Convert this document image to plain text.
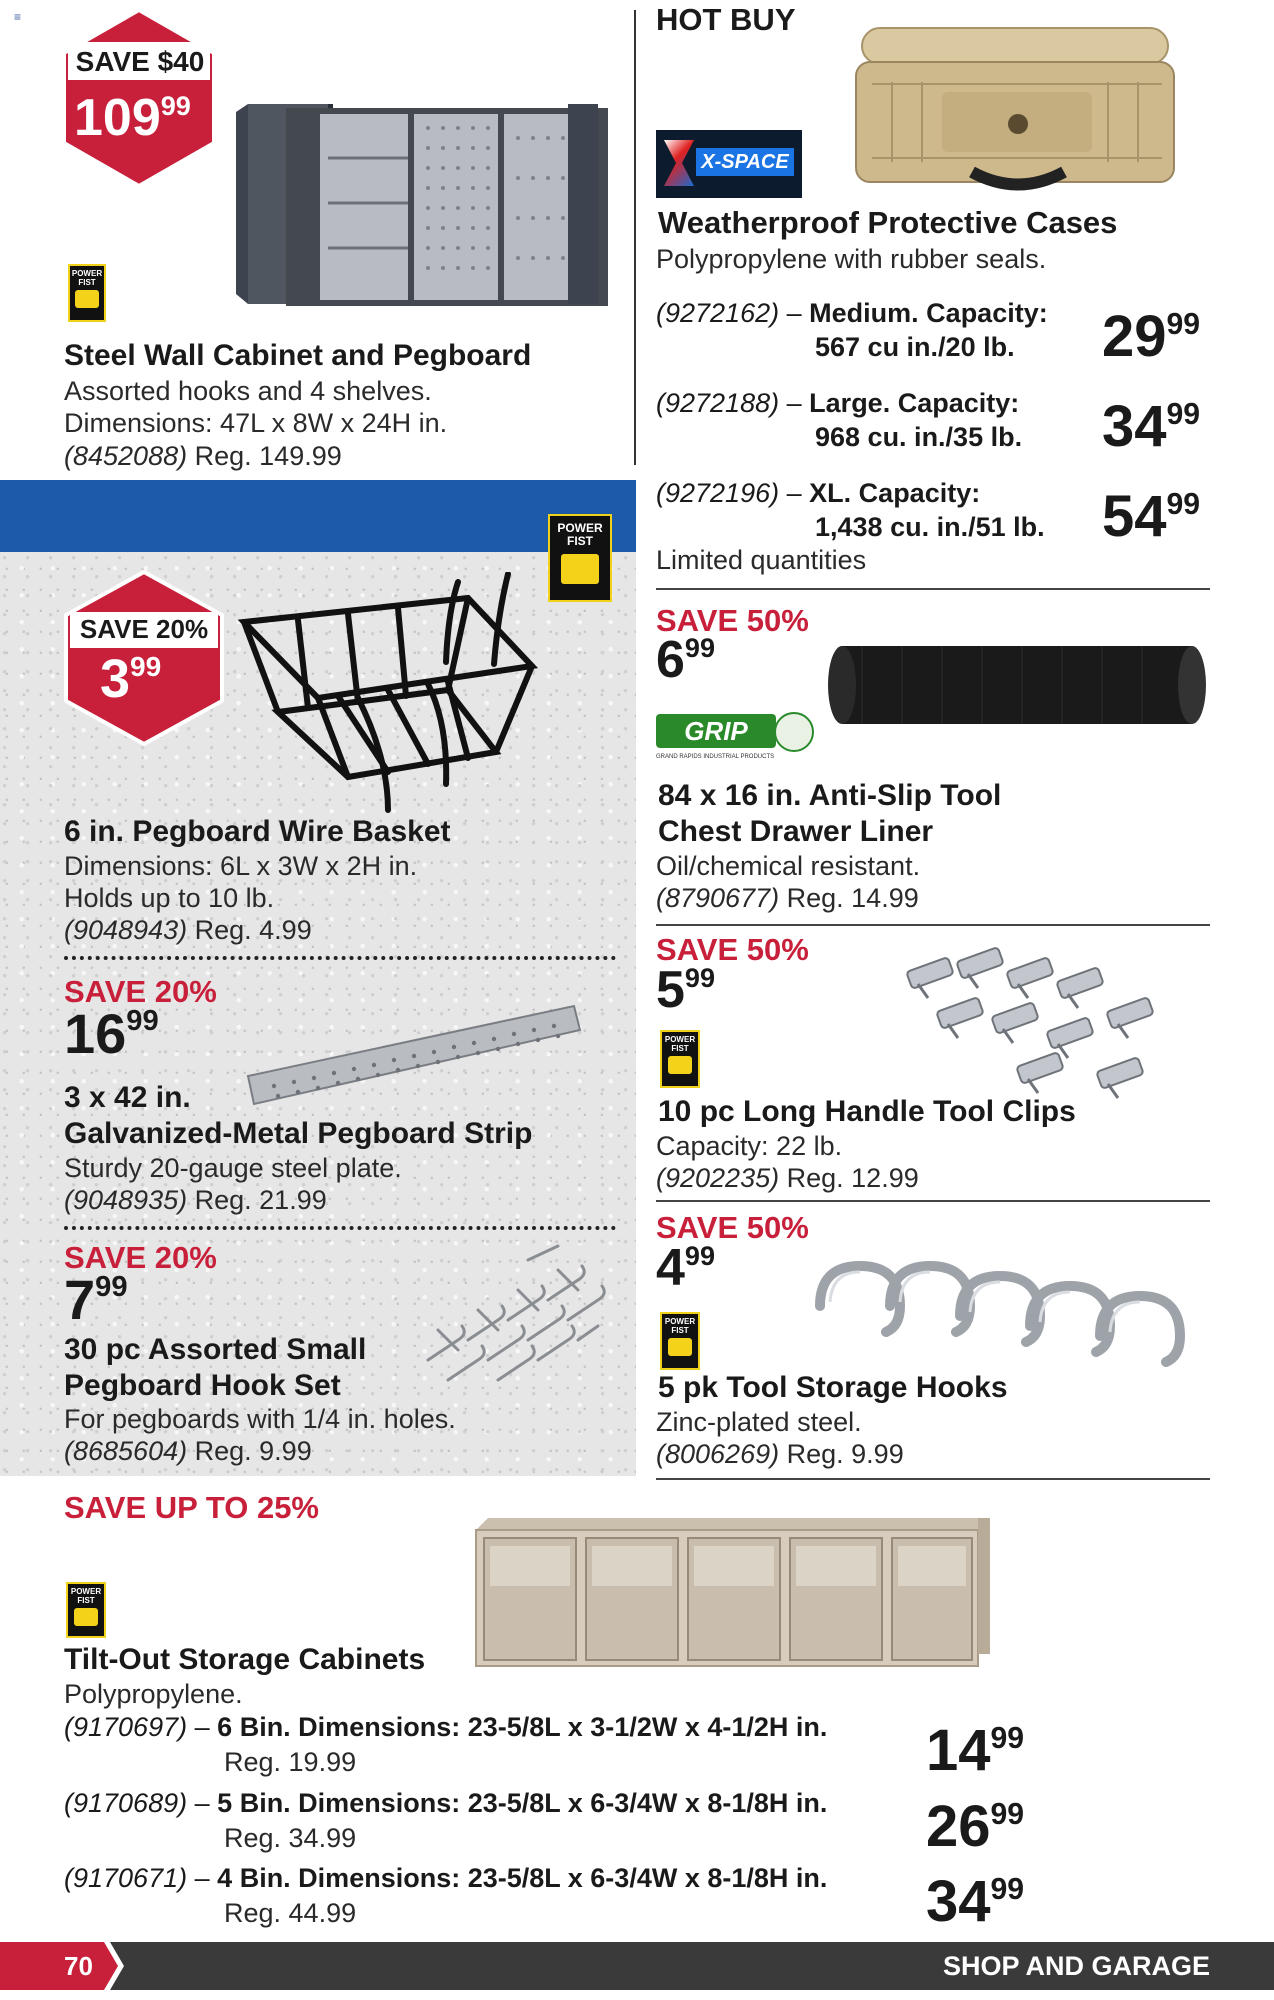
≡
SAVE $40
$109^{99}$
POWER
FIST
Steel Wall Cabinet and Pegboard
Assorted hooks and 4 shelves.
Dimensions: 47L x 8W x 24H in.
(8452088) Reg. 149.99
HOT BUY
X-SPACE
Weatherproof Protective Cases
Polypropylene with rubber seals.
(9272162) – Medium. Capacity:
567 cu in./20 lb. $29^{99}$
(9272188) – Large. Capacity:
968 cu. in./35 lb. $34^{99}$
(9272196) – XL. Capacity:
1,438 cu. in./51 lb. $54^{99}$
Limited quantities
POWER FIST
SAVE 20%
$3^{99}$
6 in. Pegboard Wire Basket
Dimensions: 6L x 3W x 2H in.
Holds up to 10 lb.
(9048943) Reg. 4.99
SAVE 20%
$16^{99}$
3 x 42 in.
Galvanized-Metal Pegboard Strip
Sturdy 20-gauge steel plate.
(9048935) Reg. 21.99
SAVE 20%
$7^{99}$
30 pc Assorted Small
Pegboard Hook Set
For pegboards with 1/4 in. holes.
(8685604) Reg. 9.99
SAVE 50%
$6^{99}$
GRIP
GRAND RAPIDS INDUSTRIAL PRODUCTS
84 x 16 in. Anti-Slip Tool
Chest Drawer Liner
Oil/chemical resistant.
(8790677) Reg. 14.99
SAVE 50%
$5^{99}$
POWER
FIST
10 pc Long Handle Tool Clips
Capacity: 22 lb.
(9202235) Reg. 12.99
SAVE 50%
$4^{99}$
POWER
FIST
5 pk Tool Storage Hooks
Zinc-plated steel.
(8006269) Reg. 9.99
SAVE UP TO 25%
POWER
FIST
Tilt-Out Storage Cabinets
Polypropylene.
(9170697) – 6 Bin. Dimensions: 23-5/8L x 3-1/2W x 4-1/2H in.
Reg. 19.99	$14^{99}$
(9170689) – 5 Bin. Dimensions: 23-5/8L x 6-3/4W x 8-1/8H in.
Reg. 34.99	$26^{99}$
(9170671) – 4 Bin. Dimensions: 23-5/8L x 6-3/4W x 8-1/8H in.
Reg. 44.99	$34^{99}$
70	SHOP AND GARAGE
